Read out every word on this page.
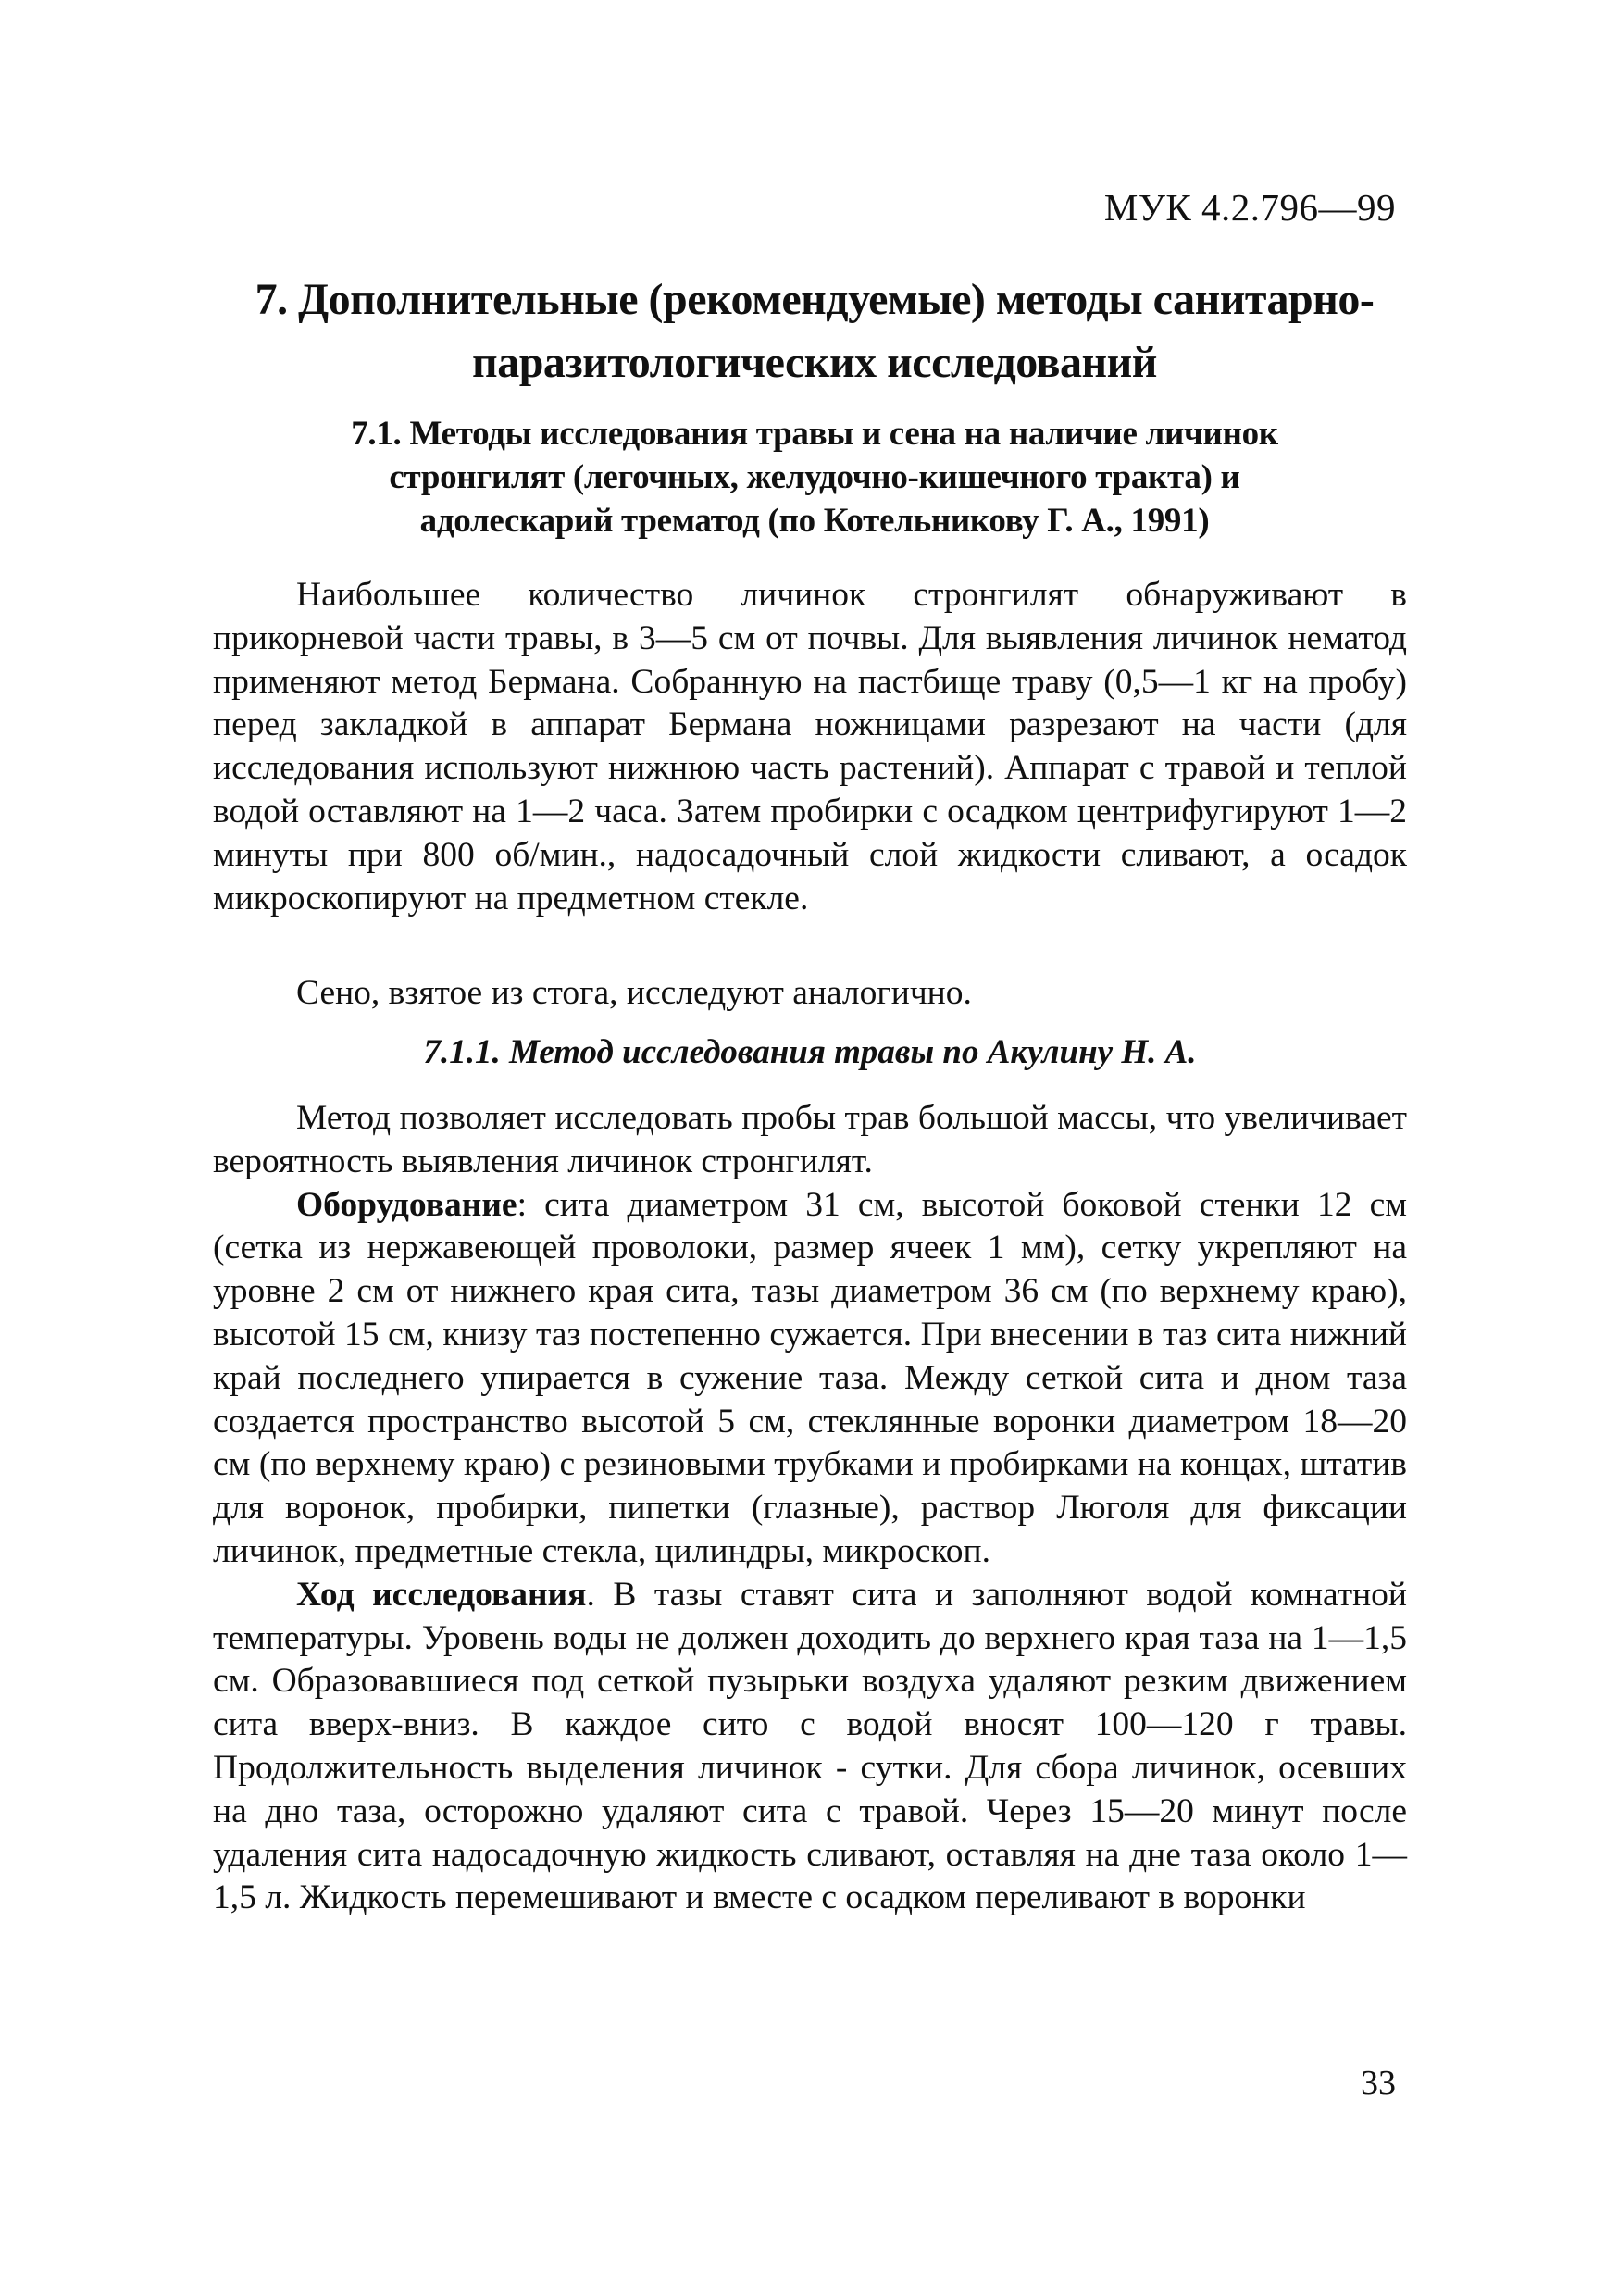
МУК 4.2.796—99
7. Дополнительные (рекомендуемые) методы санитарно-
паразитологических исследований
7.1. Методы исследования травы и сена на наличие личинок
стронгилят (легочных, желудочно-кишечного тракта) и
адолескарий трематод (по Котельникову Г. А., 1991)

Наибольшее количество личинок стронгилят обнаруживают в прикорневой части травы, в 3—5 см от почвы. Для выявления личинок нематод применяют метод Бермана. Собранную на пастбище траву (0,5—1 кг на пробу) перед закладкой в аппарат Бермана ножницами разрезают на части (для исследования используют нижнюю часть растений). Аппарат с травой и теплой водой оставляют на 1—2 часа. Затем пробирки с осадком центрифугируют 1—2 минуты при 800 об/мин., надосадочный слой жидкости сливают, а осадок микроскопируют на предметном стекле.

Сено, взятое из стога, исследуют аналогично.

7.1.1. Метод исследования травы по Акулину Н. А.

Метод позволяет исследовать пробы трав большой массы, что увеличивает вероятность выявления личинок стронгилят.

Оборудование: сита диаметром 31 см, высотой боковой стенки 12 см (сетка из нержавеющей проволоки, размер ячеек 1 мм), сетку укрепляют на уровне 2 см от нижнего края сита, тазы диаметром 36 см (по верхнему краю), высотой 15 см, книзу таз постепенно сужается. При внесении в таз сита нижний край последнего упирается в сужение таза. Между сеткой сита и дном таза создается пространство высотой 5 см, стеклянные воронки диаметром 18—20 см (по верхнему краю) с резиновыми трубками и пробирками на концах, штатив для воронок, пробирки, пипетки (глазные), раствор Люголя для фиксации личинок, предметные стекла, цилиндры, микроскоп.

Ход исследования. В тазы ставят сита и заполняют водой комнатной температуры. Уровень воды не должен доходить до верхнего края таза на 1—1,5 см. Образовавшиеся под сеткой пузырьки воздуха удаляют резким движением сита вверх-вниз. В каждое сито с водой вносят 100—120 г травы. Продолжительность выделения личинок - сутки. Для сбора личинок, осевших на дно таза, осторожно удаляют сита с травой. Через 15—20 минут после удаления сита надосадочную жидкость сливают, оставляя на дне таза около 1—1,5 л. Жидкость перемешивают и вместе с осадком переливают в воронки

33
